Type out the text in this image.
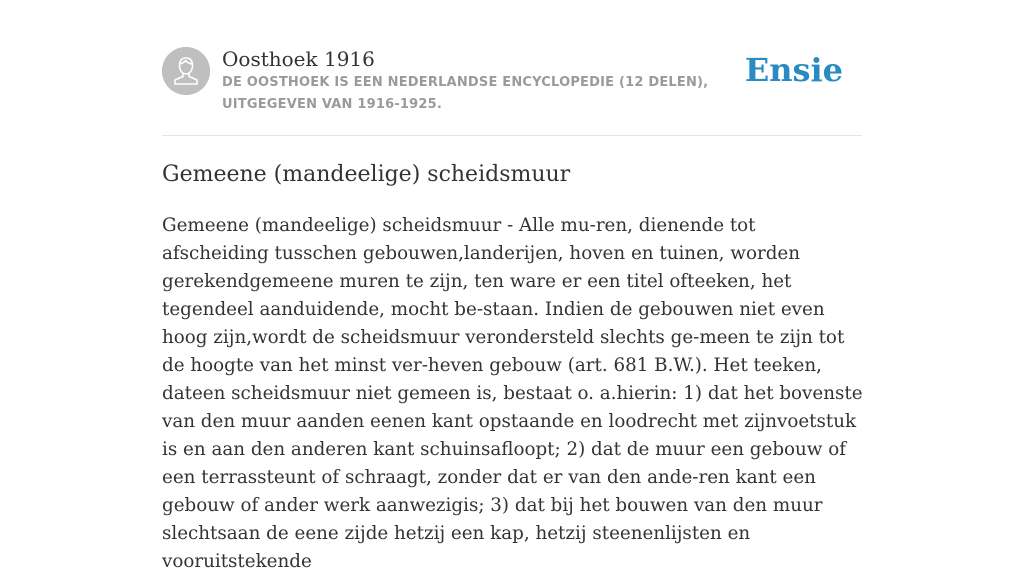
Oosthoek 1916
DE OOSTHOEK IS EEN NEDERLANDSE ENCYCLOPEDIE (12 DELEN), UITGEGEVEN VAN 1916-1925.
Ensie
Gemeene (mandeelige) scheidsmuur

Gemeene (mandeelige) scheidsmuur - Alle mu-ren, dienende tot afscheiding tusschen gebouwen,landerijen, hoven en tuinen, worden gerekendgemeene muren te zijn, ten ware er een titel ofteeken, het tegendeel aanduidende, mocht be-staan. Indien de gebouwen niet even hoog zijn,wordt de scheidsmuur verondersteld slechts ge-meen te zijn tot de hoogte van het minst ver-heven gebouw (art. 681 B.W.). Het teeken, dateen scheidsmuur niet gemeen is, bestaat o. a.hierin: 1) dat het bovenste van den muur aanden eenen kant opstaande en loodrecht met zijnvoetstuk is en aan den anderen kant schuinsafloopt; 2) dat de muur een gebouw of een terrassteunt of schraagt, zonder dat er van den ande-ren kant een gebouw of ander werk aanwezigis; 3) dat bij het bouwen van den muur slechtsaan de eene zijde hetzij een kap, hetzij steenenlijsten en vooruitstekende
